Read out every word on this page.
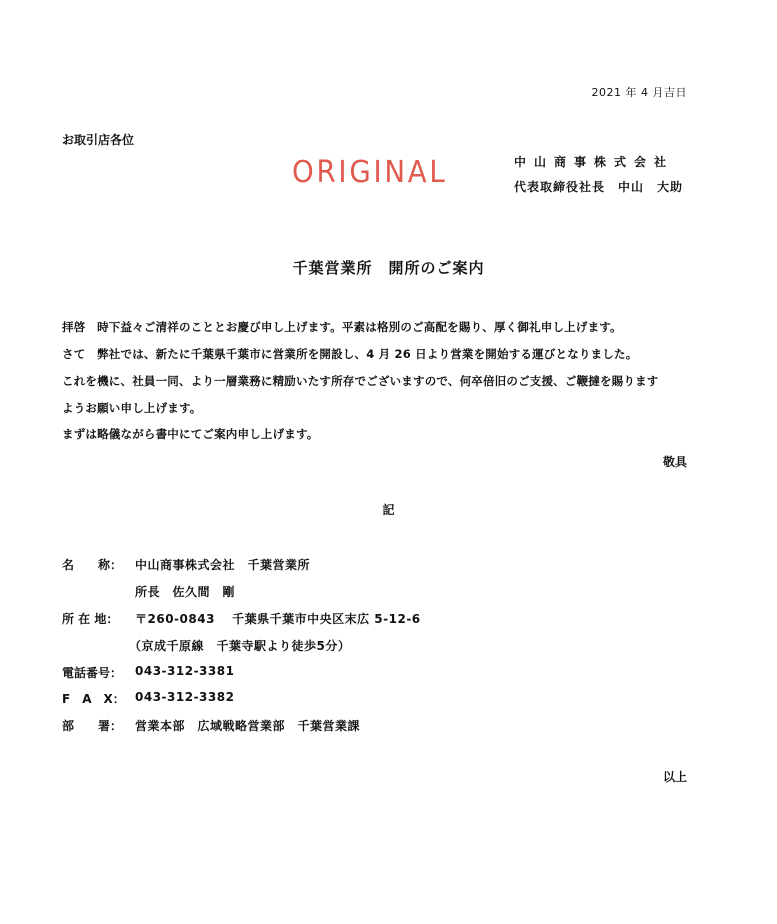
2021 年 4 月吉日
お取引店各位
ORIGINAL	中山商事株式会社
代表取締役社長　中山　大助
千葉営業所　開所のご案内
拝啓　時下益々ご清祥のこととお慶び申し上げます。平素は格別のご高配を賜り、厚く御礼申し上げます。
さて　弊社では、新たに千葉県千葉市に営業所を開設し、4 月 26 日より営業を開始する運びとなりました。
これを機に、社員一同、より一層業務に精励いたす所存でございますので、何卒倍旧のご支援、ご鞭撻を賜ります
ようお願い申し上げます。
まずは略儀ながら書中にてご案内申し上げます。
敬具
記
名　　称： 中山商事株式会社　千葉営業所
所長　佐久間　剛
所 在 地： 〒260-0843　 千葉県千葉市中央区末広 5-12-6
（京成千原線　千葉寺駅より徒歩5分）
電話番号： 043-312-3381
F　A　X： 043-312-3382
部　　署： 営業本部　広域戦略営業部　千葉営業課
以上
